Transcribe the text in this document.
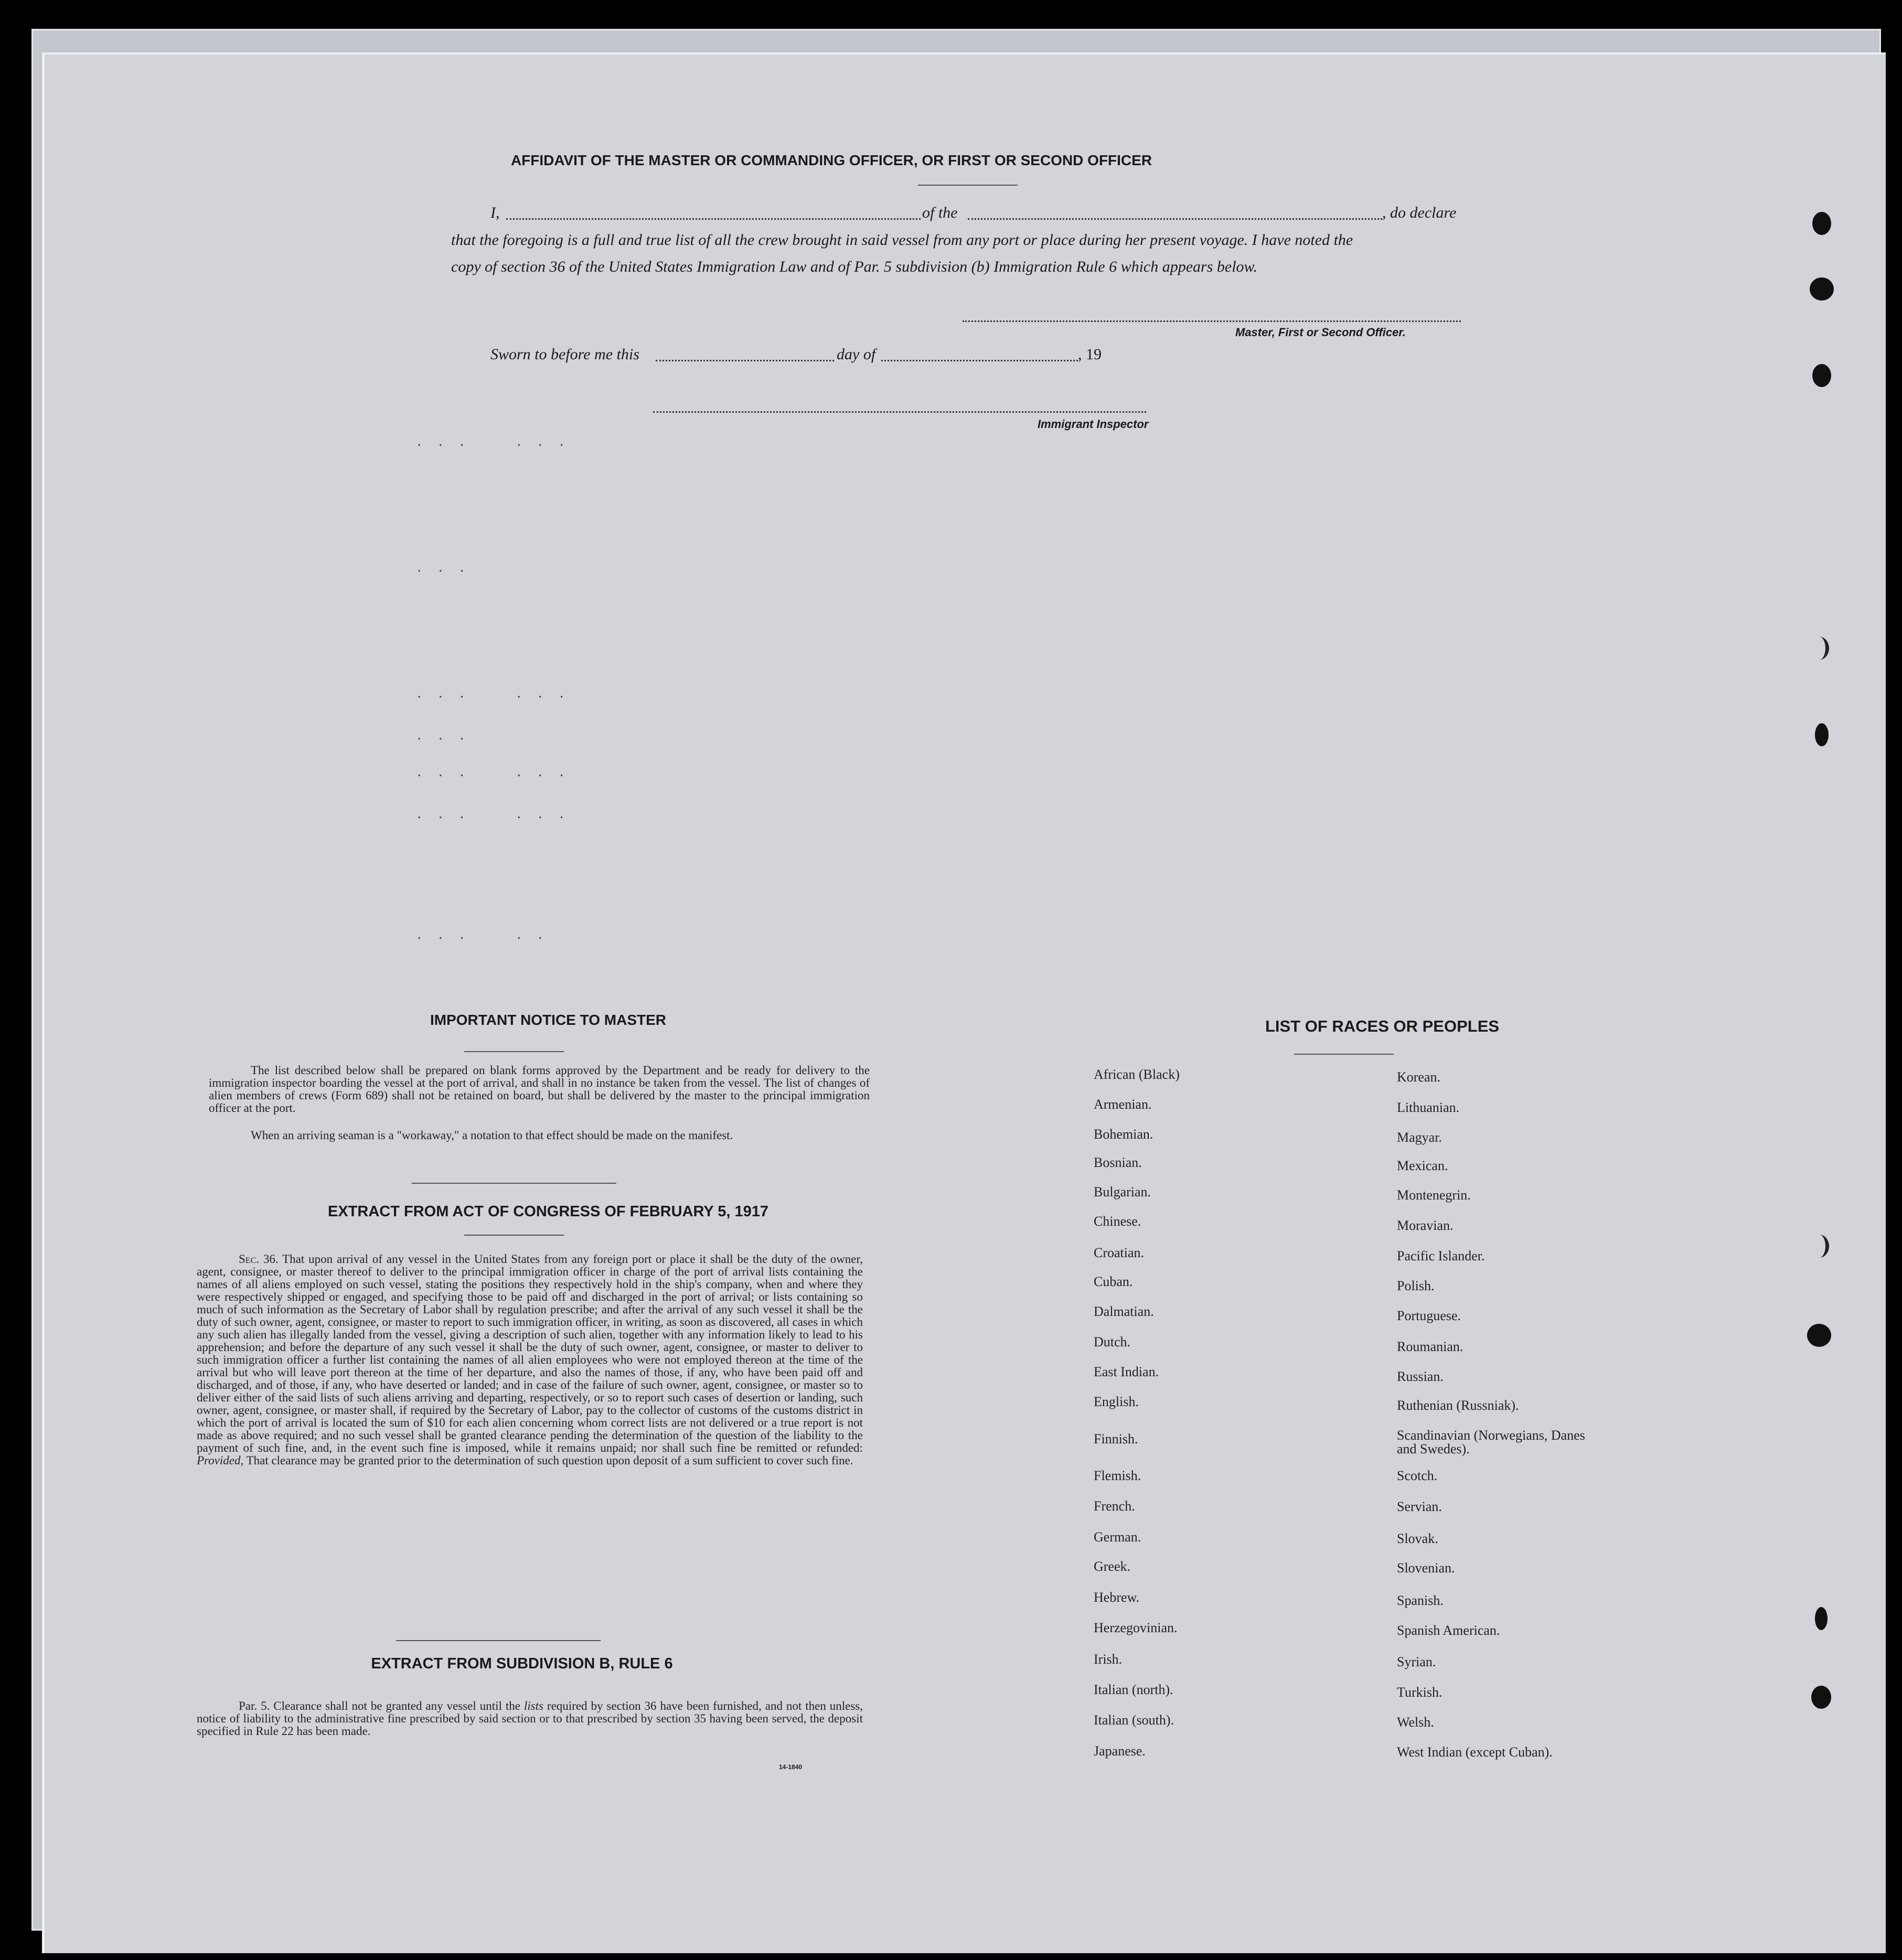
. . .	. . .
. . .
. . .	. . .
. . .
. . .	. . .
. . .	. . .
. . .	. .
AFFIDAVIT OF THE MASTER OR COMMANDING OFFICER, OR FIRST OR SECOND OFFICER
I,	of the	, do declare
that the foregoing is a full and true list of all the crew brought in said vessel from any port or place during her present voyage. I have noted the
copy of section 36 of the United States Immigration Law and of Par. 5 subdivision (b) Immigration Rule 6 which appears below.
Master, First or Second Officer.
Sworn to before me this	day of	, 19
Immigrant Inspector
IMPORTANT NOTICE TO MASTER
The list described below shall be prepared on blank forms approved by the Department and be ready for delivery to the immigration inspector boarding the vessel at the port of arrival, and shall in no instance be taken from the vessel. The list of changes of alien members of crews (Form 689) shall not be retained on board, but shall be delivered by the master to the principal immigration officer at the port.
When an arriving seaman is a "workaway," a notation to that effect should be made on the manifest.
EXTRACT FROM ACT OF CONGRESS OF FEBRUARY 5, 1917
Sec. 36. That upon arrival of any vessel in the United States from any foreign port or place it shall be the duty of the owner, agent, consignee, or master thereof to deliver to the principal immigration officer in charge of the port of arrival lists containing the names of all aliens employed on such vessel, stating the positions they respectively hold in the ship's company, when and where they were respectively shipped or engaged, and specifying those to be paid off and discharged in the port of arrival; or lists containing so much of such information as the Secretary of Labor shall by regulation prescribe; and after the arrival of any such vessel it shall be the duty of such owner, agent, consignee, or master to report to such immigration officer, in writing, as soon as discovered, all cases in which any such alien has illegally landed from the vessel, giving a description of such alien, together with any information likely to lead to his apprehension; and before the departure of any such vessel it shall be the duty of such owner, agent, consignee, or master to deliver to such immigration officer a further list containing the names of all alien employees who were not employed thereon at the time of the arrival but who will leave port thereon at the time of her departure, and also the names of those, if any, who have been paid off and discharged, and of those, if any, who have deserted or landed; and in case of the failure of such owner, agent, consignee, or master so to deliver either of the said lists of such aliens arriving and departing, respectively, or so to report such cases of desertion or landing, such owner, agent, consignee, or master shall, if required by the Secretary of Labor, pay to the collector of customs of the customs district in which the port of arrival is located the sum of $10 for each alien concerning whom correct lists are not delivered or a true report is not made as above required; and no such vessel shall be granted clearance pending the determination of the question of the liability to the payment of such fine, and, in the event such fine is imposed, while it remains unpaid; nor shall such fine be remitted or refunded: Provided, That clearance may be granted prior to the determination of such question upon deposit of a sum sufficient to cover such fine.
EXTRACT FROM SUBDIVISION B, RULE 6
Par. 5. Clearance shall not be granted any vessel until the lists required by section 36 have been furnished, and not then unless, notice of liability to the administrative fine prescribed by said section or to that prescribed by section 35 having been served, the deposit specified in Rule 22 has been made.
14-1840
LIST OF RACES OR PEOPLES
African (Black)
Armenian.
Bohemian.
Bosnian.
Bulgarian.
Chinese.
Croatian.
Cuban.
Dalmatian.
Dutch.
East Indian.
English.
Finnish.
Flemish.
French.
German.
Greek.
Hebrew.
Herzegovinian.
Irish.
Italian (north).
Italian (south).
Japanese.
Korean.
Lithuanian.
Magyar.
Mexican.
Montenegrin.
Moravian.
Pacific Islander.
Polish.
Portuguese.
Roumanian.
Russian.
Ruthenian (Russniak).
Scandinavian (Norwegians, Danes and Swedes).
Scotch.
Servian.
Slovak.
Slovenian.
Spanish.
Spanish American.
Syrian.
Turkish.
Welsh.
West Indian (except Cuban).
